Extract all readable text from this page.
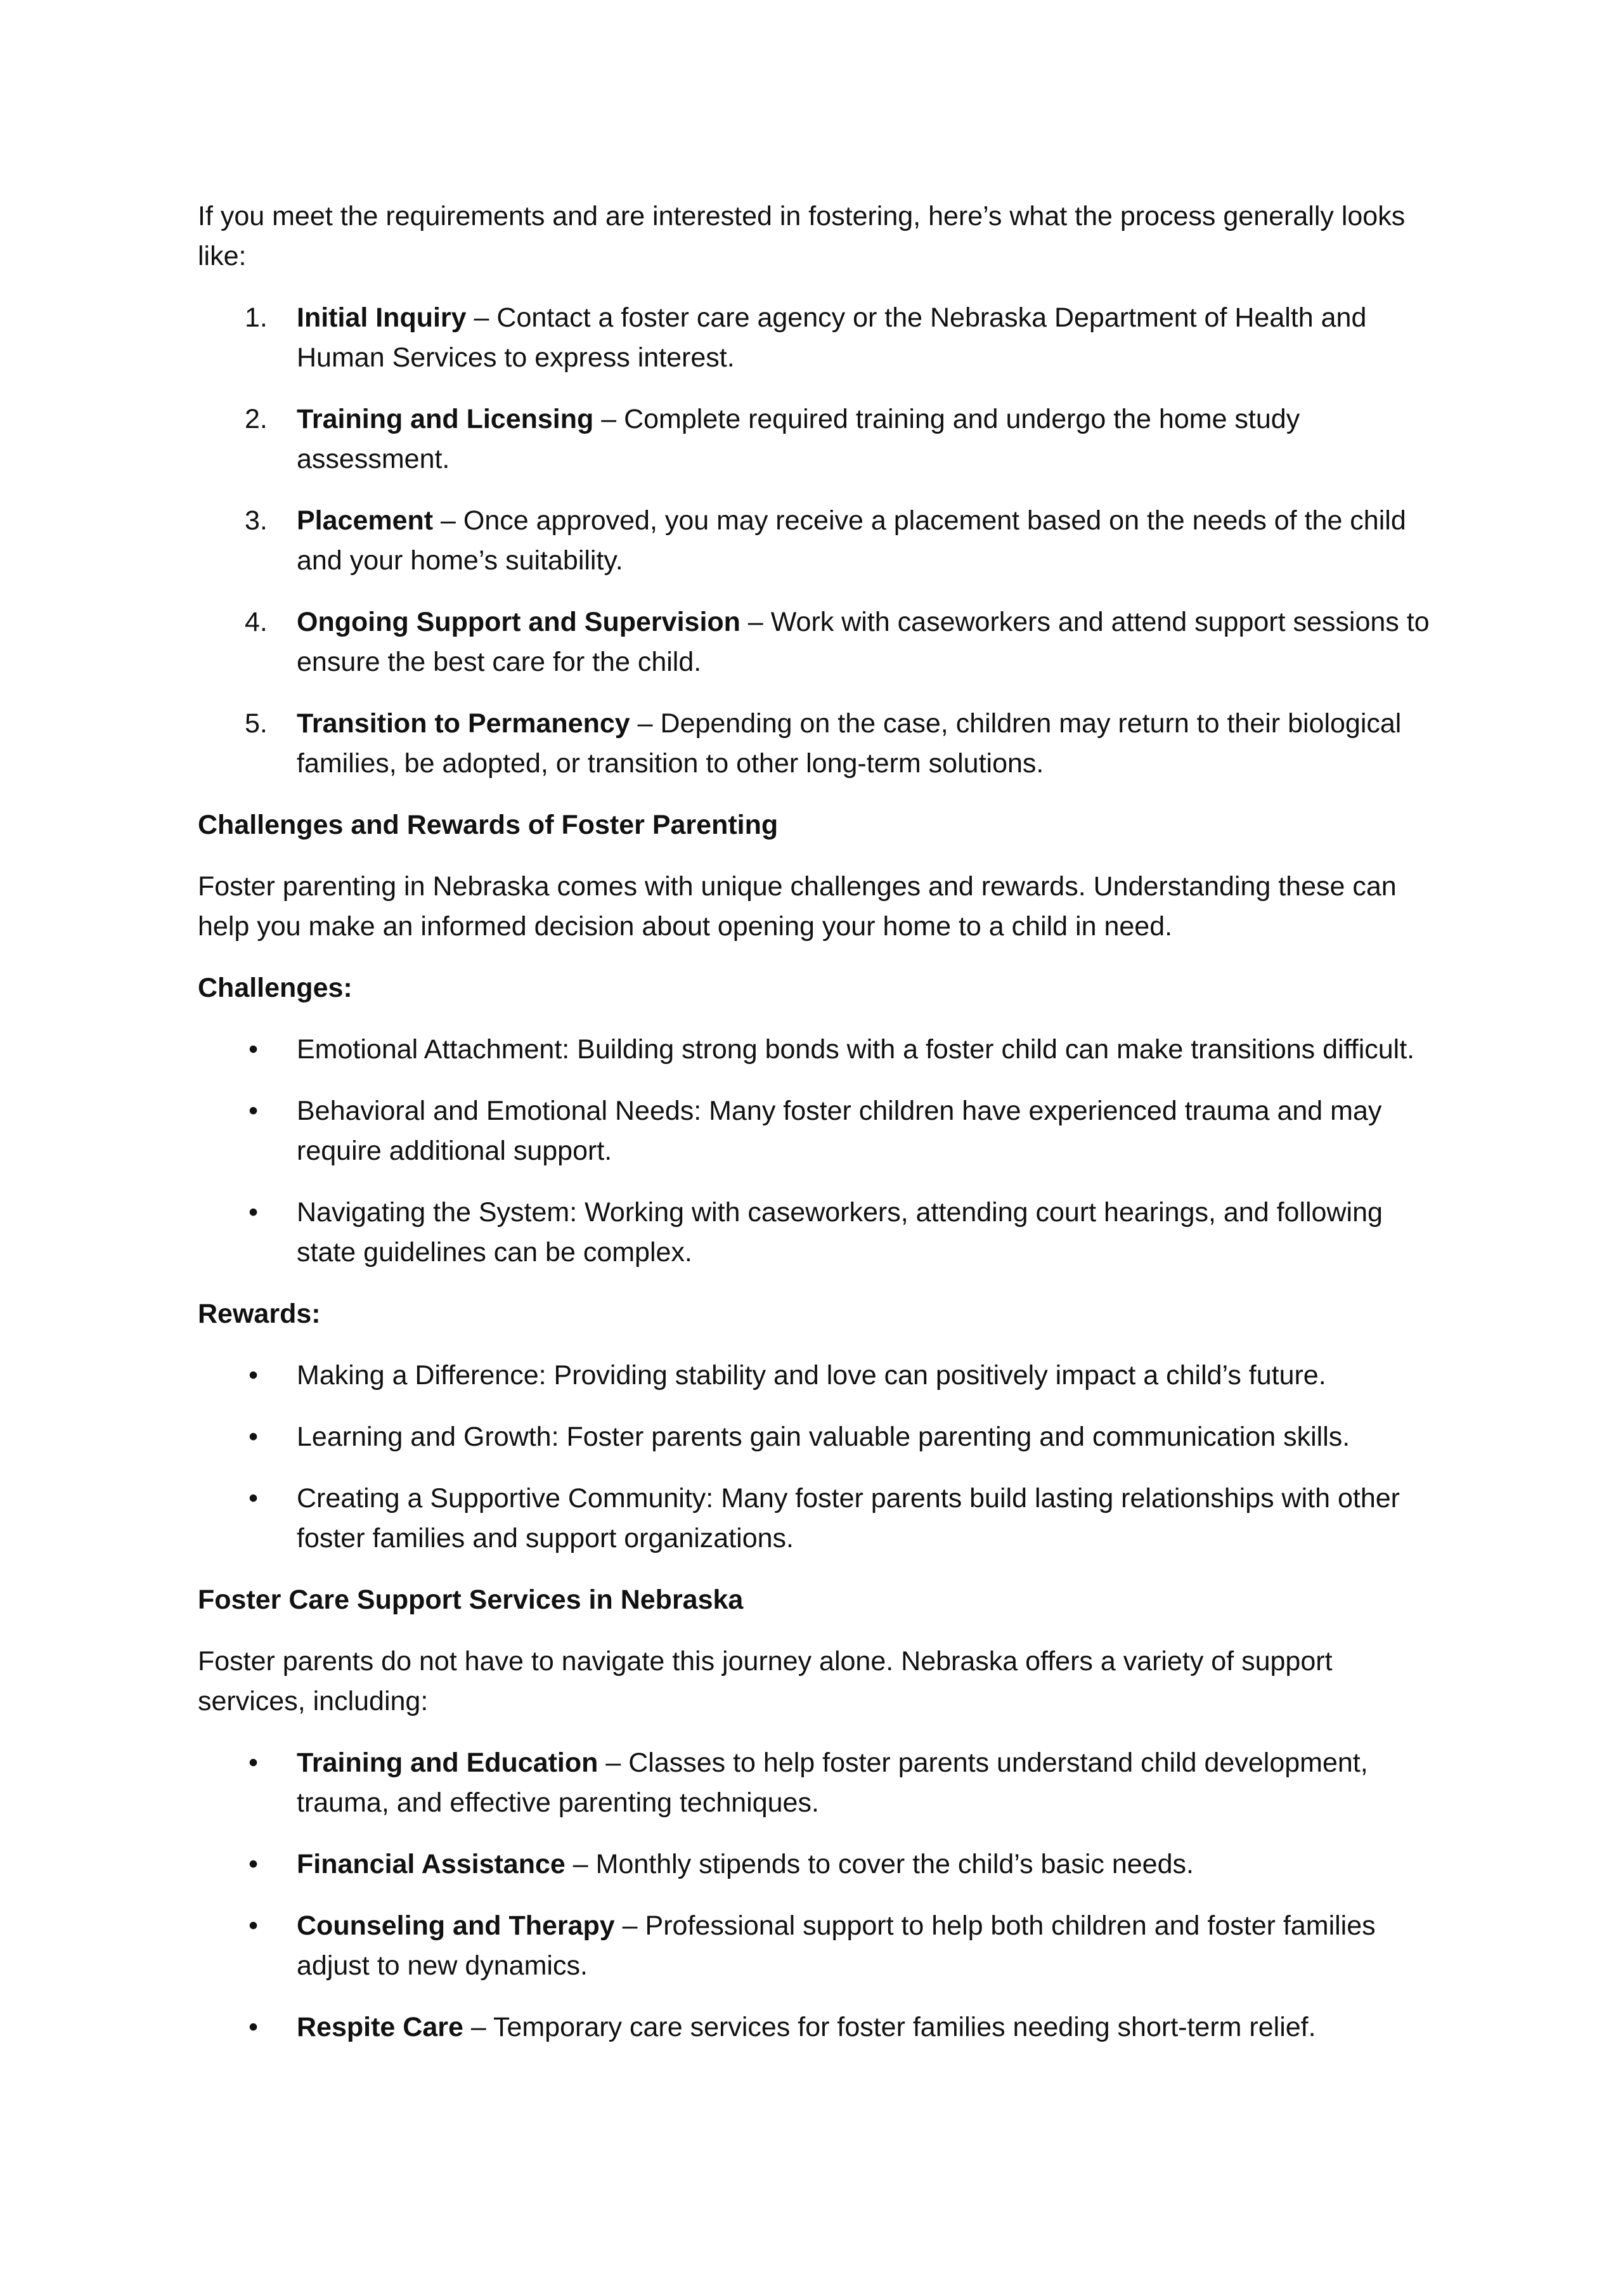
If you meet the requirements and are interested in fostering, here’s what the process generally looks like:

1.	Initial Inquiry – Contact a foster care agency or the Nebraska Department of Health and Human Services to express interest.
2.	Training and Licensing – Complete required training and undergo the home study assessment.
3.	Placement – Once approved, you may receive a placement based on the needs of the child and your home’s suitability.
4.	Ongoing Support and Supervision – Work with caseworkers and attend support sessions to ensure the best care for the child.
5.	Transition to Permanency – Depending on the case, children may return to their biological families, be adopted, or transition to other long-term solutions.

Challenges and Rewards of Foster Parenting

Foster parenting in Nebraska comes with unique challenges and rewards. Understanding these can help you make an informed decision about opening your home to a child in need.

Challenges:

• Emotional Attachment: Building strong bonds with a foster child can make transitions difficult.
• Behavioral and Emotional Needs: Many foster children have experienced trauma and may require additional support.
• Navigating the System: Working with caseworkers, attending court hearings, and following state guidelines can be complex.

Rewards:

• Making a Difference: Providing stability and love can positively impact a child’s future.
• Learning and Growth: Foster parents gain valuable parenting and communication skills.
• Creating a Supportive Community: Many foster parents build lasting relationships with other foster families and support organizations.

Foster Care Support Services in Nebraska

Foster parents do not have to navigate this journey alone. Nebraska offers a variety of support services, including:

• Training and Education – Classes to help foster parents understand child development, trauma, and effective parenting techniques.
• Financial Assistance – Monthly stipends to cover the child’s basic needs.
• Counseling and Therapy – Professional support to help both children and foster families adjust to new dynamics.
• Respite Care – Temporary care services for foster families needing short-term relief.
